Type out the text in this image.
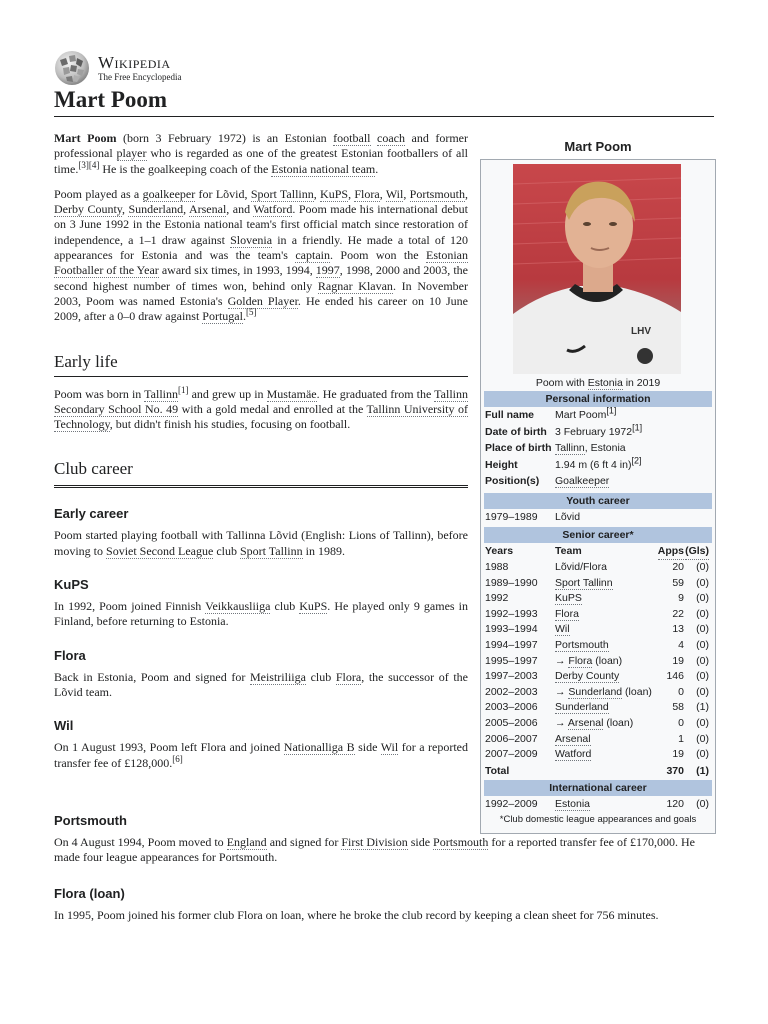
Wikipedia
The Free Encyclopedia
Mart Poom

Mart Poom (born 3 February 1972) is an Estonian football coach and former professional player who is regarded as one of the greatest Estonian footballers of all time.[3][4] He is the goalkeeping coach of the Estonia national team.

Poom played as a goalkeeper for Lõvid, Sport Tallinn, KuPS, Flora, Wil, Portsmouth, Derby County, Sunderland, Arsenal, and Watford. Poom made his international debut on 3 June 1992 in the Estonia national team's first official match since restoration of independence, a 1–1 draw against Slovenia in a friendly. He made a total of 120 appearances for Estonia and was the team's captain. Poom won the Estonian Footballer of the Year award six times, in 1993, 1994, 1997, 1998, 2000 and 2003, the second highest number of times won, behind only Ragnar Klavan. In November 2003, Poom was named Estonia's Golden Player. He ended his career on 10 June 2009, after a 0–0 draw against Portugal.[5]

Early life

Poom was born in Tallinn[1] and grew up in Mustamäe. He graduated from the Tallinn Secondary School No. 49 with a gold medal and enrolled at the Tallinn University of Technology, but didn't finish his studies, focusing on football.

Club career
Early career

Poom started playing football with Tallinna Lõvid (English: Lions of Tallinn), before moving to Soviet Second League club Sport Tallinn in 1989.

KuPS

In 1992, Poom joined Finnish Veikkausliiga club KuPS. He played only 9 games in Finland, before returning to Estonia.

Flora

Back in Estonia, Poom and signed for Meistriliiga club Flora, the successor of the Lõvid team.

Wil

On 1 August 1993, Poom left Flora and joined Nationalliga B side Wil for a reported transfer fee of £128,000.[6]

Portsmouth

On 4 August 1994, Poom moved to England and signed for First Division side Portsmouth for a reported transfer fee of £170,000. He made four league appearances for Portsmouth.

Flora (loan)

In 1995, Poom joined his former club Flora on loan, where he broke the club record by keeping a clean sheet for 756 minutes.

Mart Poom
LHV
Poom with Estonia in 2019
Personal information
Full name Mart Poom[1]
Date of birth 3 February 1972[1]
Place of birth Tallinn, Estonia
Height	1.94 m (6 ft 4 in)[2]
Position(s) Goalkeeper
Youth career
1979–1989 Lõvid
Senior career*
Years	Team	Apps (Gls)
1988	Lõvid/Flora	20 (0)
1989–1990 Sport Tallinn	59 (0)
1992	KuPS	9 (0)
1992–1993 Flora	22 (0)
1993–1994 Wil	13 (0)
1994–1997 Portsmouth	4 (0)
1995–1997 → Flora (loan)	19 (0)
1997–2003 Derby County	146 (0)
2002–2003 → Sunderland (loan)	0 (0)
2003–2006 Sunderland	58 (1)
2005–2006 → Arsenal (loan)	0 (0)
2006–2007 Arsenal	1 (0)
2007–2009 Watford	19 (0)
Total	370 (1)
International career
1992–2009 Estonia	120 (0)
*Club domestic league appearances and goals
